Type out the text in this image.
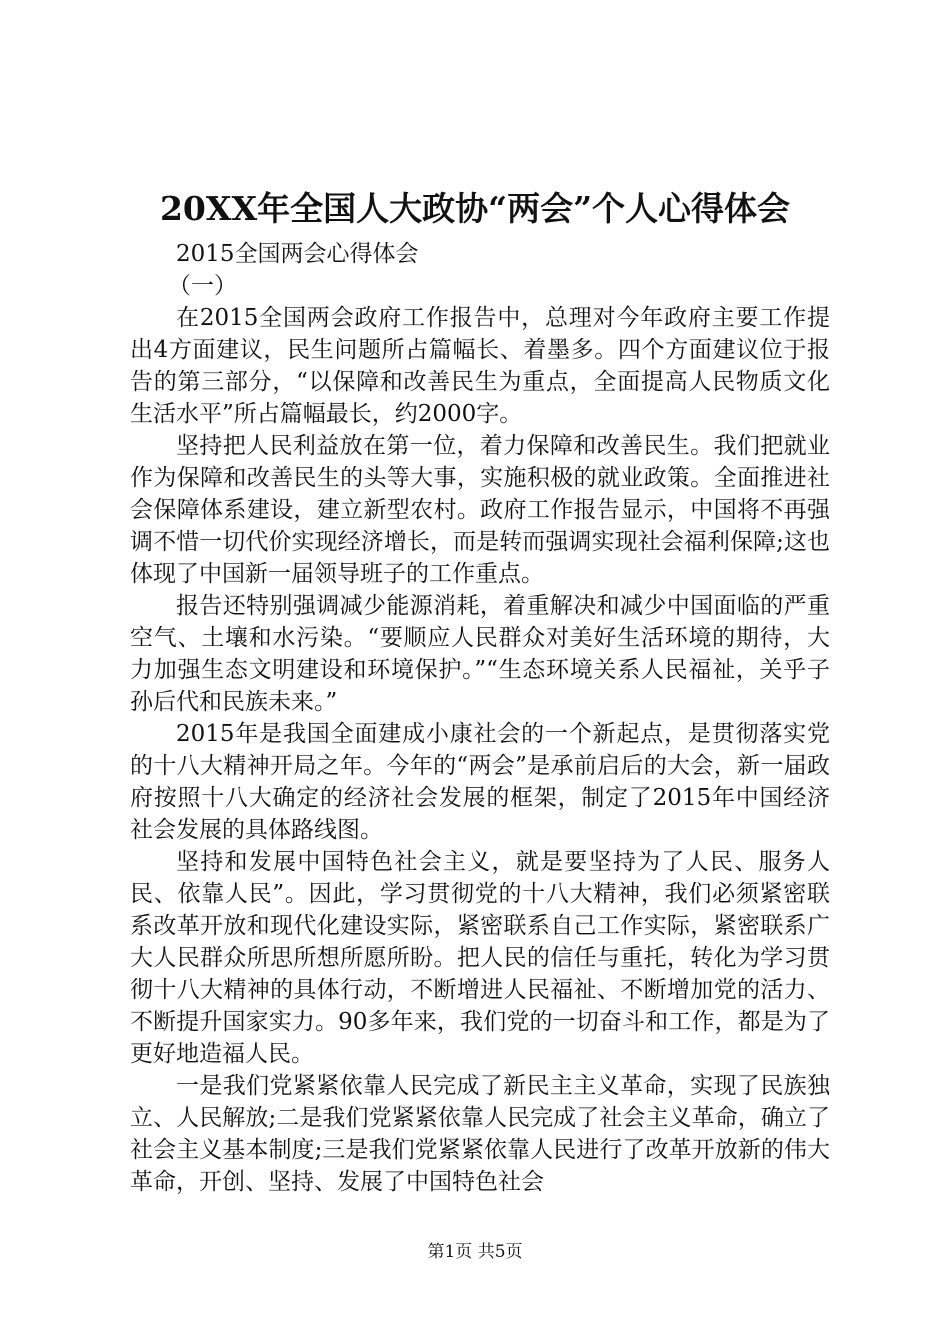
20XX年全国人大政协“两会”个人心得体会

2015全国两会心得体会

（一）

在2015全国两会政府工作报告中，总理对今年政府主要工作提出4方面建议，民生问题所占篇幅长、着墨多。四个方面建议位于报告的第三部分，“以保障和改善民生为重点，全面提高人民物质文化生活水平”所占篇幅最长，约2000字。

坚持把人民利益放在第一位，着力保障和改善民生。我们把就业作为保障和改善民生的头等大事，实施积极的就业政策。全面推进社会保障体系建设，建立新型农村。政府工作报告显示，中国将不再强调不惜一切代价实现经济增长，而是转而强调实现社会福利保障;这也体现了中国新一届领导班子的工作重点。

报告还特别强调减少能源消耗，着重解决和减少中国面临的严重空气、土壤和水污染。“要顺应人民群众对美好生活环境的期待，大力加强生态文明建设和环境保护。”“生态环境关系人民福祉，关乎子孙后代和民族未来。”

2015年是我国全面建成小康社会的一个新起点，是贯彻落实党的十八大精神开局之年。今年的“两会”是承前启后的大会，新一届政府按照十八大确定的经济社会发展的框架，制定了2015年中国经济社会发展的具体路线图。

坚持和发展中国特色社会主义，就是要坚持为了人民、服务人民、依靠人民”。因此，学习贯彻党的十八大精神，我们必须紧密联系改革开放和现代化建设实际，紧密联系自己工作实际，紧密联系广大人民群众所思所想所愿所盼。把人民的信任与重托，转化为学习贯彻十八大精神的具体行动，不断增进人民福祉、不断增加党的活力、不断提升国家实力。90多年来，我们党的一切奋斗和工作，都是为了更好地造福人民。

一是我们党紧紧依靠人民完成了新民主主义革命，实现了民族独立、人民解放;二是我们党紧紧依靠人民完成了社会主义革命，确立了社会主义基本制度;三是我们党紧紧依靠人民进行了改革开放新的伟大革命，开创、坚持、发展了中国特色社会

第1页 共5页
